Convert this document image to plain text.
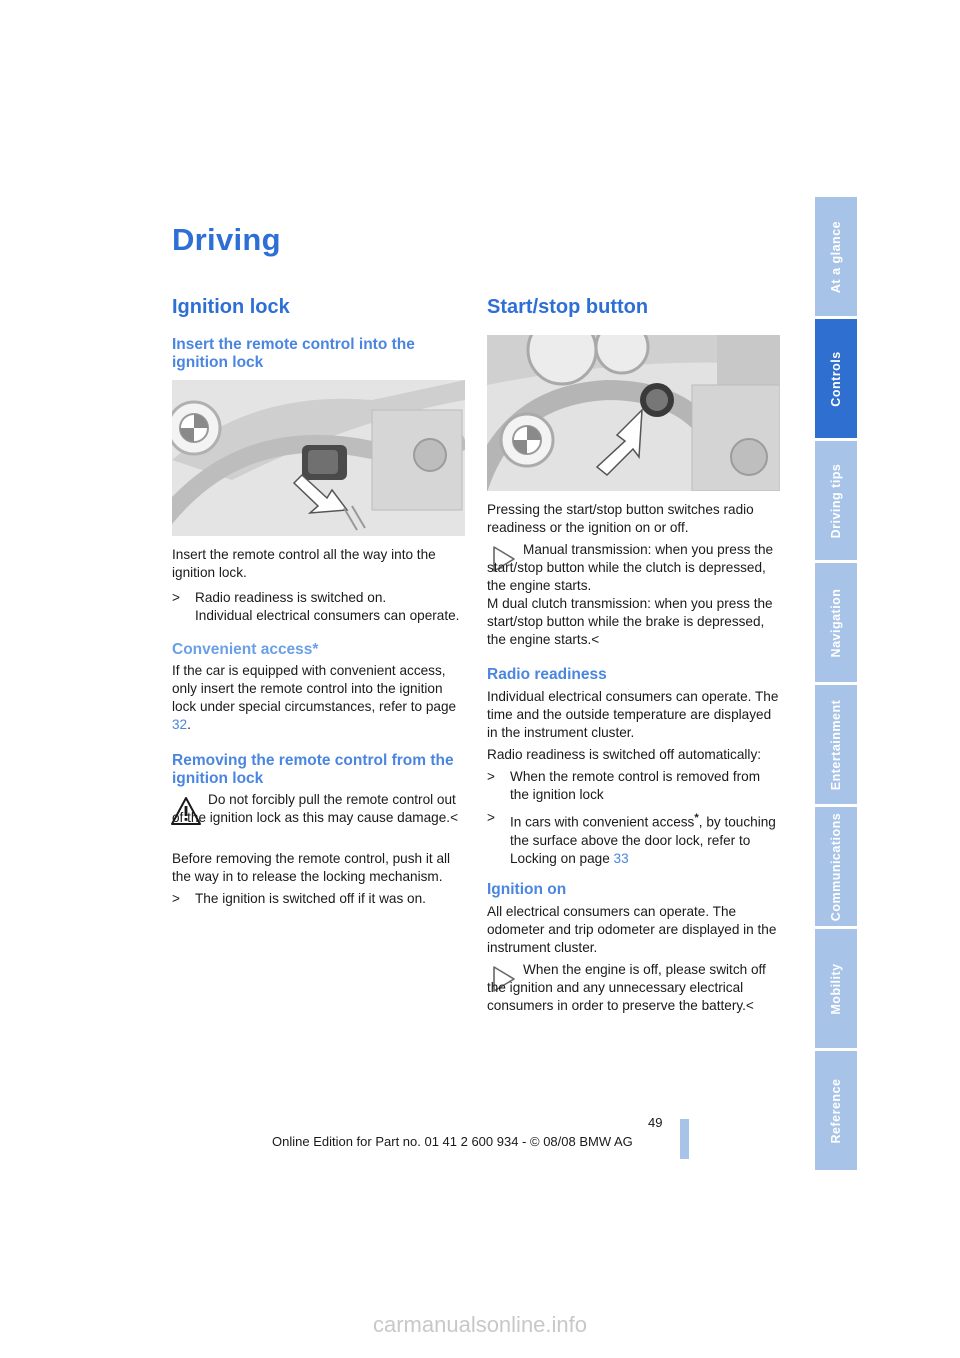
Driving
Ignition lock
Insert the remote control into the ignition lock
Insert the remote control all the way into the ignition lock.
>	Radio readiness is switched on.
Individual electrical consumers can operate.
Convenient access*
If the car is equipped with convenient access, only insert the remote control into the ignition lock under special circumstances, refer to page 32.
Removing the remote control from the ignition lock
Do not forcibly pull the remote control out of the ignition lock as this may cause damage.<
Before removing the remote control, push it all the way in to release the locking mechanism.
>	The ignition is switched off if it was on.
Start/stop button
Pressing the start/stop button switches radio readiness or the ignition on or off.
Manual transmission: when you press the start/stop button while the clutch is depressed, the engine starts.
M dual clutch transmission: when you press the start/stop button while the brake is depressed, the engine starts.<
Radio readiness
Individual electrical consumers can operate. The time and the outside temperature are displayed in the instrument cluster.
Radio readiness is switched off automatically:
>	When the remote control is removed from the ignition lock
>	In cars with convenient access*, by touching the surface above the door lock, refer to Locking on page 33
Ignition on
All electrical consumers can operate. The odometer and trip odometer are displayed in the instrument cluster.
When the engine is off, please switch off the ignition and any unnecessary electrical consumers in order to preserve the battery.<
At a glance
Controls
Driving tips
Navigation
Entertainment
Communications
Mobility
Reference
49
Online Edition for Part no. 01 41 2 600 934 - © 08/08 BMW AG
carmanualsonline.info
